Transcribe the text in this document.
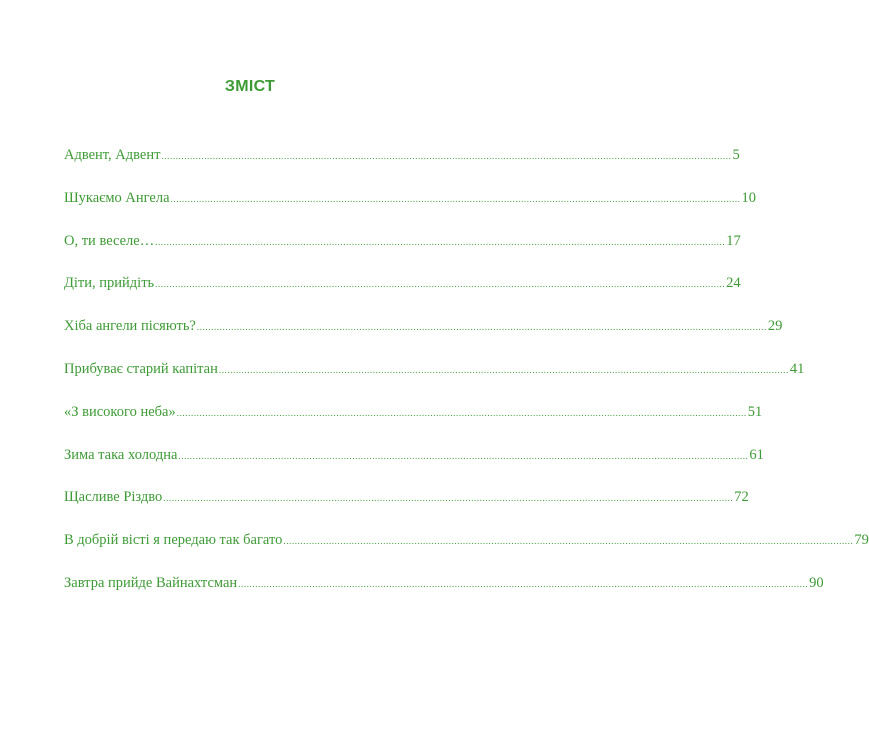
ЗМІСТ
Адвент, Адвент ........................................................................................................................................................................................................ 5
Шукаємо Ангела ........................................................................................................................................................................................................ 10
О, ти веселе… ........................................................................................................................................................................................................ 17
Діти, прийдіть ........................................................................................................................................................................................................ 24
Хіба ангели пісяють? ........................................................................................................................................................................................................ 29
Прибуває старий капітан ........................................................................................................................................................................................................ 41
«З високого неба» ........................................................................................................................................................................................................ 51
Зима така холодна ........................................................................................................................................................................................................ 61
Щасливе Різдво ........................................................................................................................................................................................................ 72
В добрій вісті я передаю так багато ........................................................................................................................................................................................................ 79
Завтра прийде Вайнахтсман ........................................................................................................................................................................................................ 90
